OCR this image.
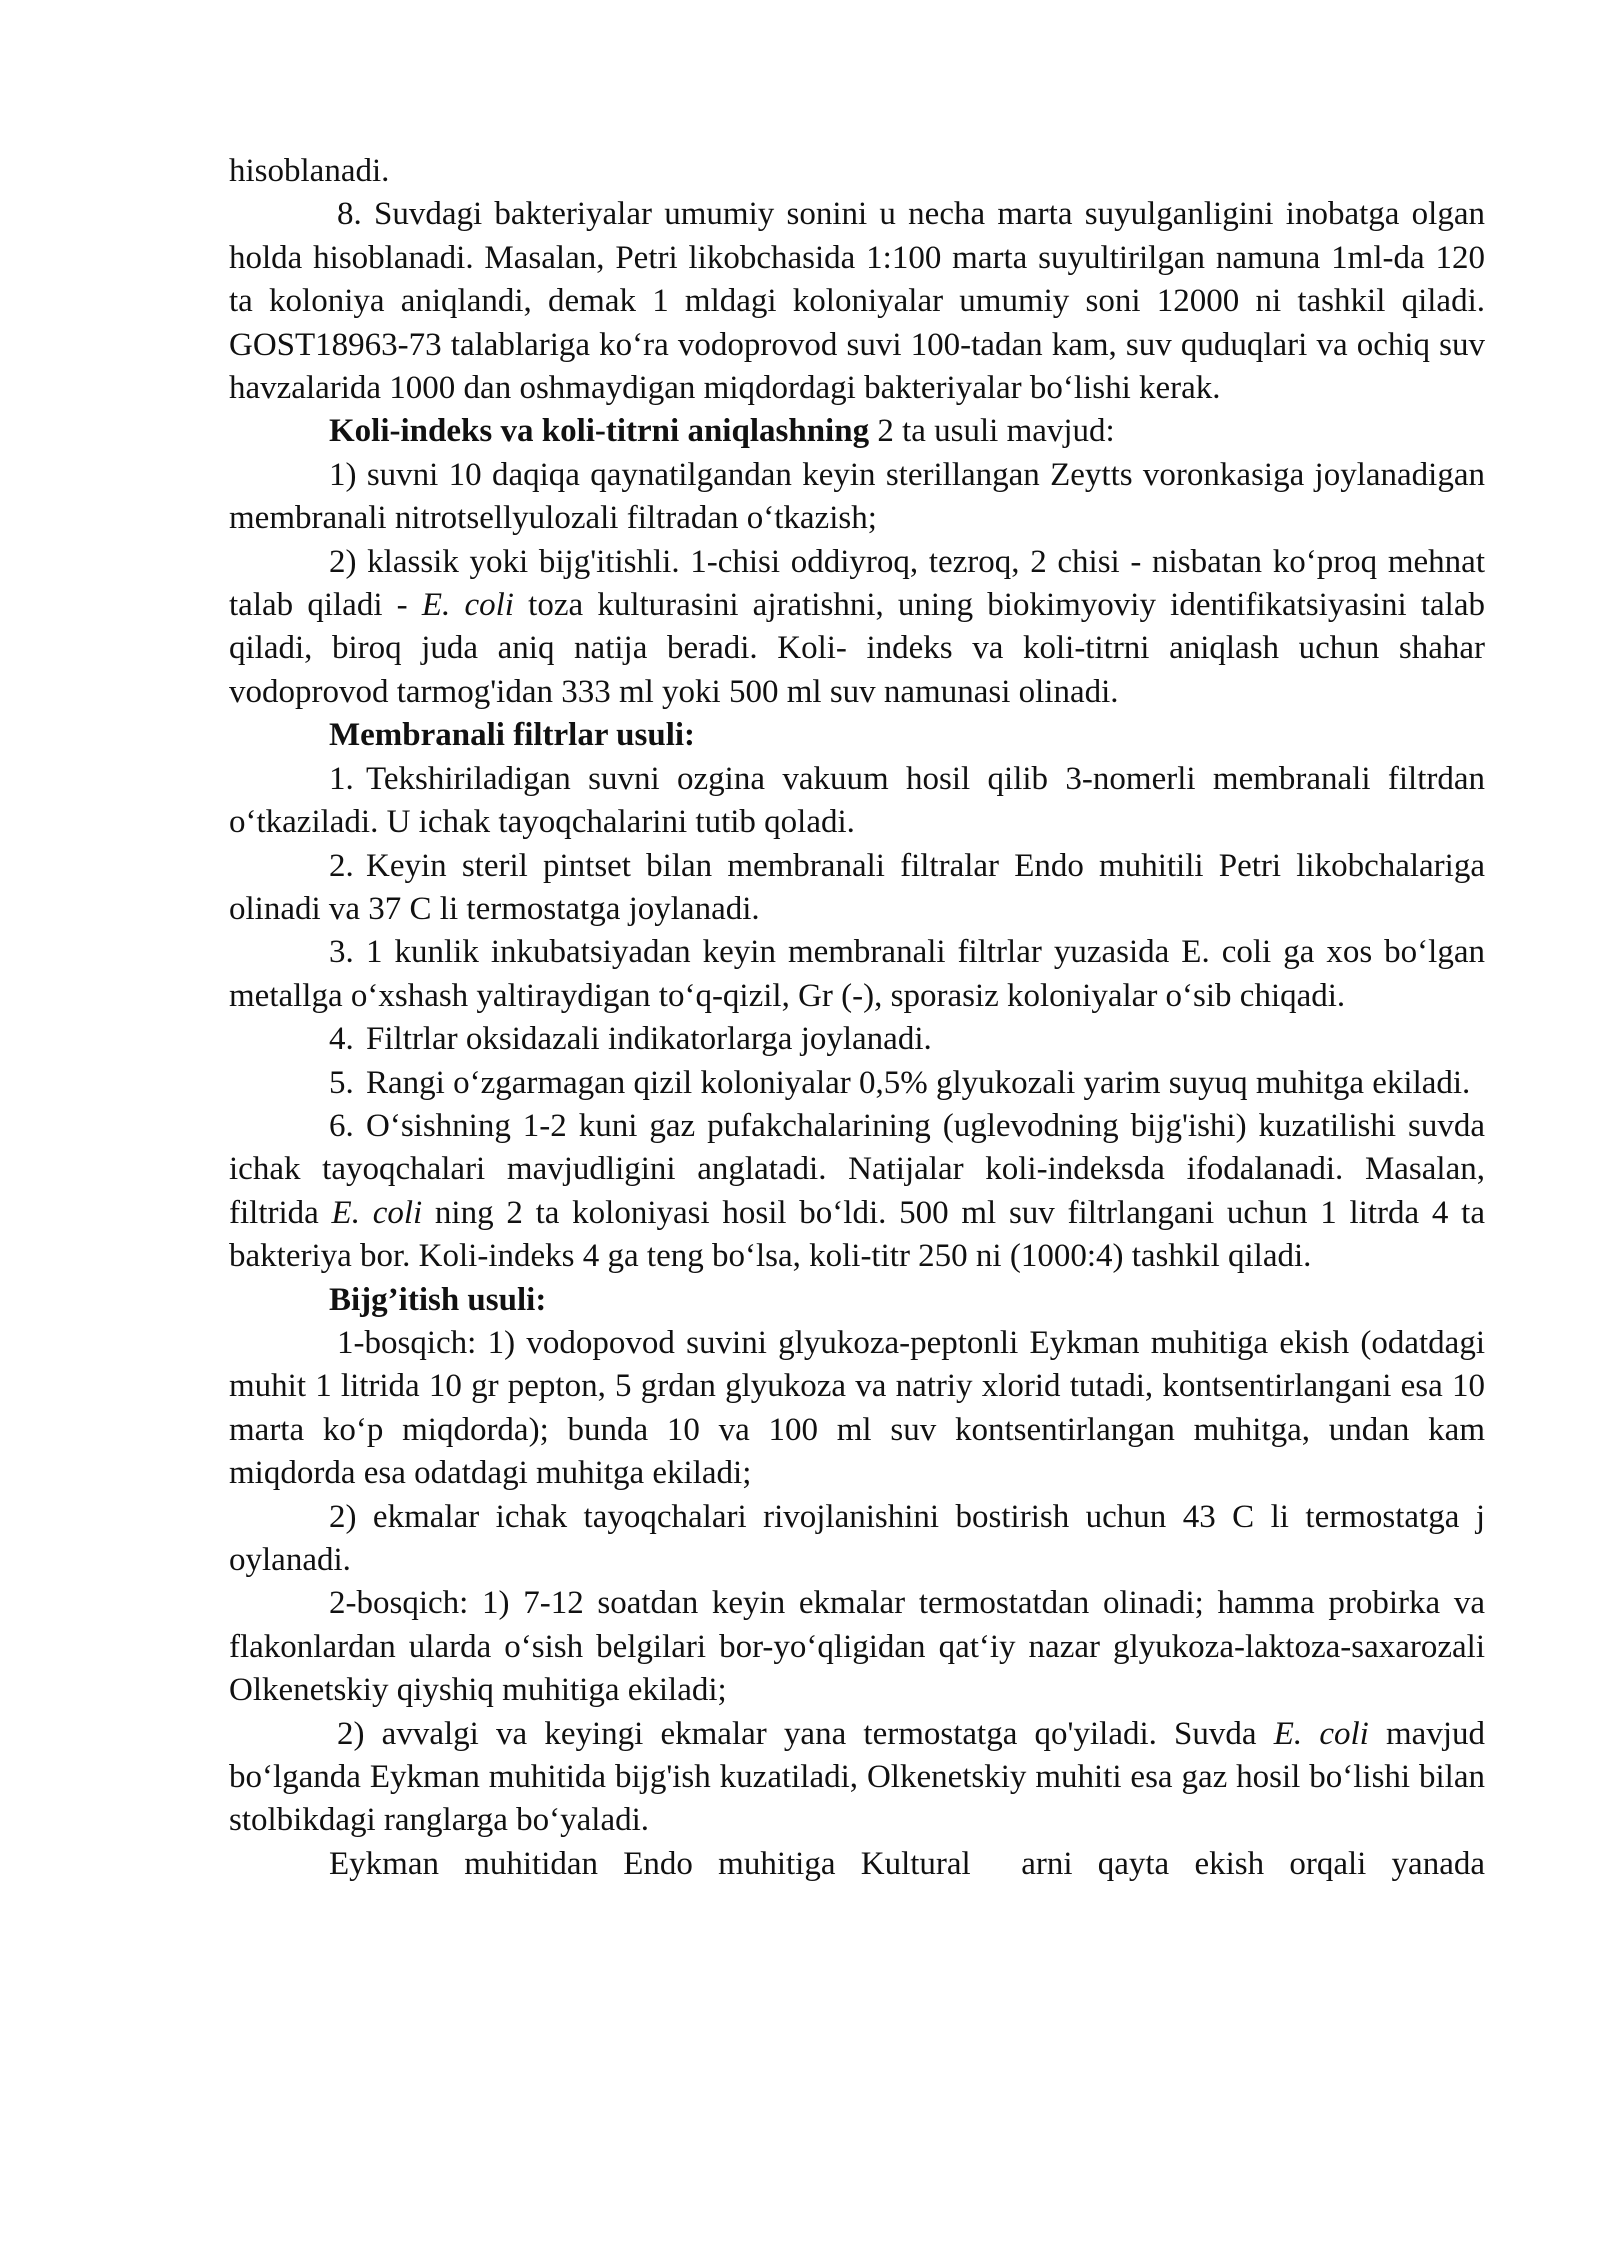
hisoblanadi.

8. Suvdagi bakteriyalar umumiy sonini u necha marta suyulganligini inobatga olgan holda hisoblanadi. Masalan, Petri likobchasida 1:100 marta suyultirilgan namuna 1ml-da 120 ta koloniya aniqlandi, demak 1 mldagi koloniyalar umumiy soni 12000 ni tashkil qiladi. GOST18963-73 talablariga ko‘ra vodoprovod suvi 100-tadan kam, suv quduqlari va ochiq suv havzalarida 1000 dan oshmaydigan miqdordagi bakteriyalar bo‘lishi kerak.

Koli-indeks va koli-titrni aniqlashning 2 ta usuli mavjud:

1) suvni 10 daqiqa qaynatilgandan keyin sterillangan Zeytts voronkasiga joylanadigan membranali nitrotsellyulozali filtradan o‘tkazish;

2) klassik yoki bijg'itishli. 1-chisi oddiyroq, tezroq, 2 chisi - nisbatan ko‘proq mehnat talab qiladi - E. coli toza kulturasini ajratishni, uning biokimyoviy identifikatsiyasini talab qiladi, biroq juda aniq natija beradi. Koli- indeks va koli-titrni aniqlash uchun shahar vodoprovod tarmog'idan 333 ml yoki 500 ml suv namunasi olinadi.

Membranali filtrlar usuli:

1. Tekshiriladigan suvni ozgina vakuum hosil qilib 3-nomerli membranali filtrdan o‘tkaziladi. U ichak tayoqchalarini tutib qoladi.

2. Keyin steril pintset bilan membranali filtralar Endo muhitili Petri likobchalariga olinadi va 37 C li termostatga joylanadi.

3. 1 kunlik inkubatsiyadan keyin membranali filtrlar yuzasida E. coli ga xos bo‘lgan metallga o‘xshash yaltiraydigan to‘q-qizil, Gr (-), sporasiz koloniyalar o‘sib chiqadi.

4. Filtrlar oksidazali indikatorlarga joylanadi.

5. Rangi o‘zgarmagan qizil koloniyalar 0,5% glyukozali yarim suyuq muhitga ekiladi.

6. O‘sishning 1-2 kuni gaz pufakchalarining (uglevodning bijg'ishi) kuzatilishi suvda ichak tayoqchalari mavjudligini anglatadi. Natijalar koli-indeksda ifodalanadi. Masalan, filtrida E. coli ning 2 ta koloniyasi hosil bo‘ldi. 500 ml suv filtrlangani uchun 1 litrda 4 ta bakteriya bor. Koli-indeks 4 ga teng bo‘lsa, koli-titr 250 ni (1000:4) tashkil qiladi.

Bijg’itish usuli:

1-bosqich: 1) vodopovod suvini glyukoza-peptonli Eykman muhitiga ekish (odatdagi muhit 1 litrida 10 gr pepton, 5 grdan glyukoza va natriy xlorid tutadi, kontsentirlangani esa 10 marta ko‘p miqdorda); bunda 10 va 100 ml suv kontsentirlangan muhitga, undan kam miqdorda esa odatdagi muhitga ekiladi;

2) ekmalar ichak tayoqchalari rivojlanishini bostirish uchun 43 C li termostatga j oylanadi.

2-bosqich: 1) 7-12 soatdan keyin ekmalar termostatdan olinadi; hamma probirka va flakonlardan ularda o‘sish belgilari bor-yo‘qligidan qat‘iy nazar glyukoza-laktoza-saxarozali Olkenetskiy qiyshiq muhitiga ekiladi;

2) avvalgi va keyingi ekmalar yana termostatga qo'yiladi. Suvda E. coli mavjud bo‘lganda Eykman muhitida bijg'ish kuzatiladi, Olkenetskiy muhiti esa gaz hosil bo‘lishi bilan stolbikdagi ranglarga bo‘yaladi.

Eykman muhitidan Endo muhitiga Kultural  arni qayta ekish orqali yanada
